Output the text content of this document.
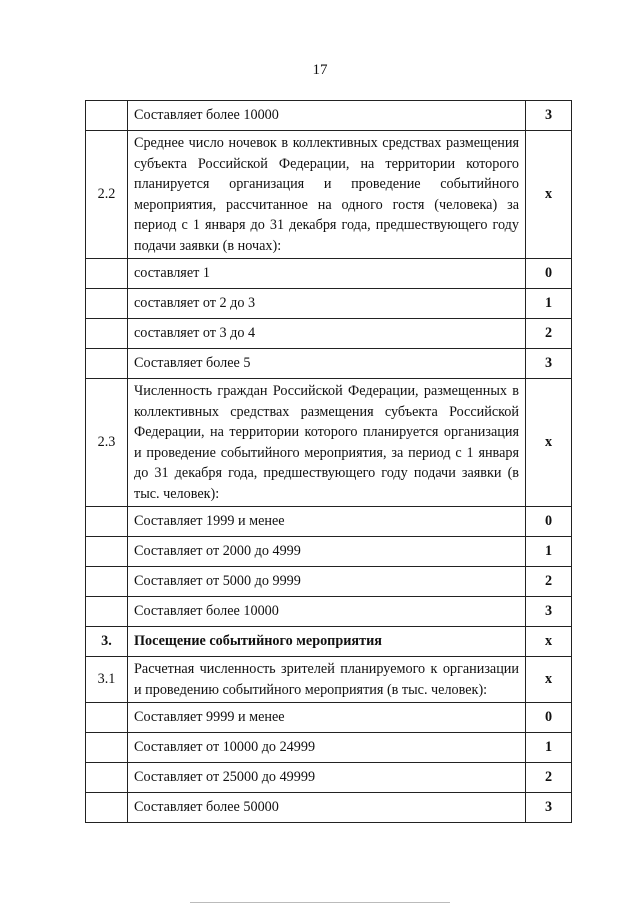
17
	Составляет более 10000	3
2.2	Среднее число ночевок в коллективных средствах размещения субъекта Российской Федерации, на территории которого планируется организация и проведение событийного мероприятия, рассчитанное на одного гостя (человека) за период с 1 января до 31 декабря года, предшествующего году подачи заявки (в ночах):	х
	составляет 1	0
	составляет от 2 до 3	1
	составляет от 3 до 4	2
	Составляет более 5	3
2.3	Численность граждан Российской Федерации, размещенных в коллективных средствах размещения субъекта Российской Федерации, на территории которого планируется организация и проведение событийного мероприятия, за период с 1 января до 31 декабря года, предшествующего году подачи заявки (в тыс. человек):	х
	Составляет 1999 и менее	0
	Составляет от 2000 до 4999	1
	Составляет от 5000 до 9999	2
	Составляет более 10000	3
3.	Посещение событийного мероприятия	х
3.1	Расчетная численность зрителей планируемого к организации и проведению событийного мероприятия (в тыс. человек):	х
	Составляет 9999 и менее	0
	Составляет от 10000 до 24999	1
	Составляет от 25000 до 49999	2
	Составляет более 50000	3
